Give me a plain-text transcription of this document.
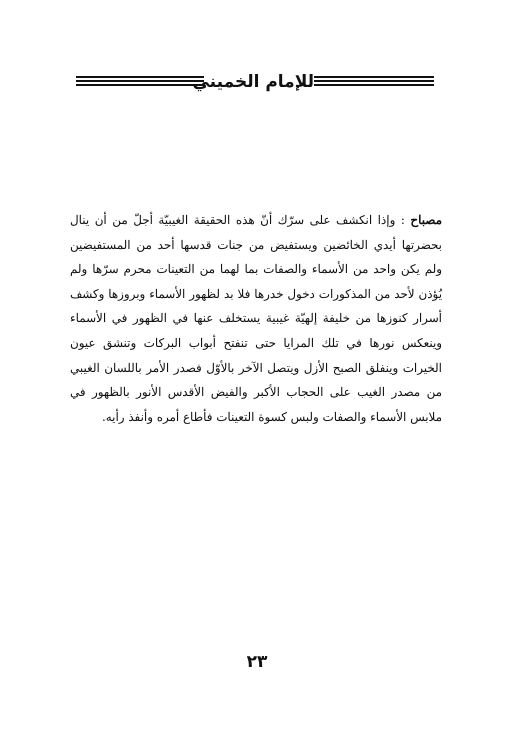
للإمام الخميني
مصباح : وإذا انكشف على سرّك أنّ هذه الحقيقة الغيبيّة أجلّ من أن ينال بحضرتها أيدي الخائضين ويستفيض من جنات قدسها أحد من المستفيضين ولم يكن واحد من الأسماء والصفات بما لهما من التعينات محرم سرّها ولم يُؤذن لأحد من المذكورات دخول خدرها فلا بد لظهور الأسماء وبروزها وكشف أسرار كنوزها من خليفة إلهيّة غيبية يستخلف عنها في الظهور في الأسماء وينعكس نورها في تلك المرايا حتى تنفتح أبواب البركات وتنشق عيون الخيرات وينفلق الصبح الأزل ويتصل الآخر بالأوّل فصدر الأمر باللسان الغيبي من مصدر الغيب على الحجاب الأكبر والفيض الأقدس الأنور بالظهور في ملابس الأسماء والصفات ولبس كسوة التعينات فأطاع أمره وأنفذ رأيه.
٢٣
